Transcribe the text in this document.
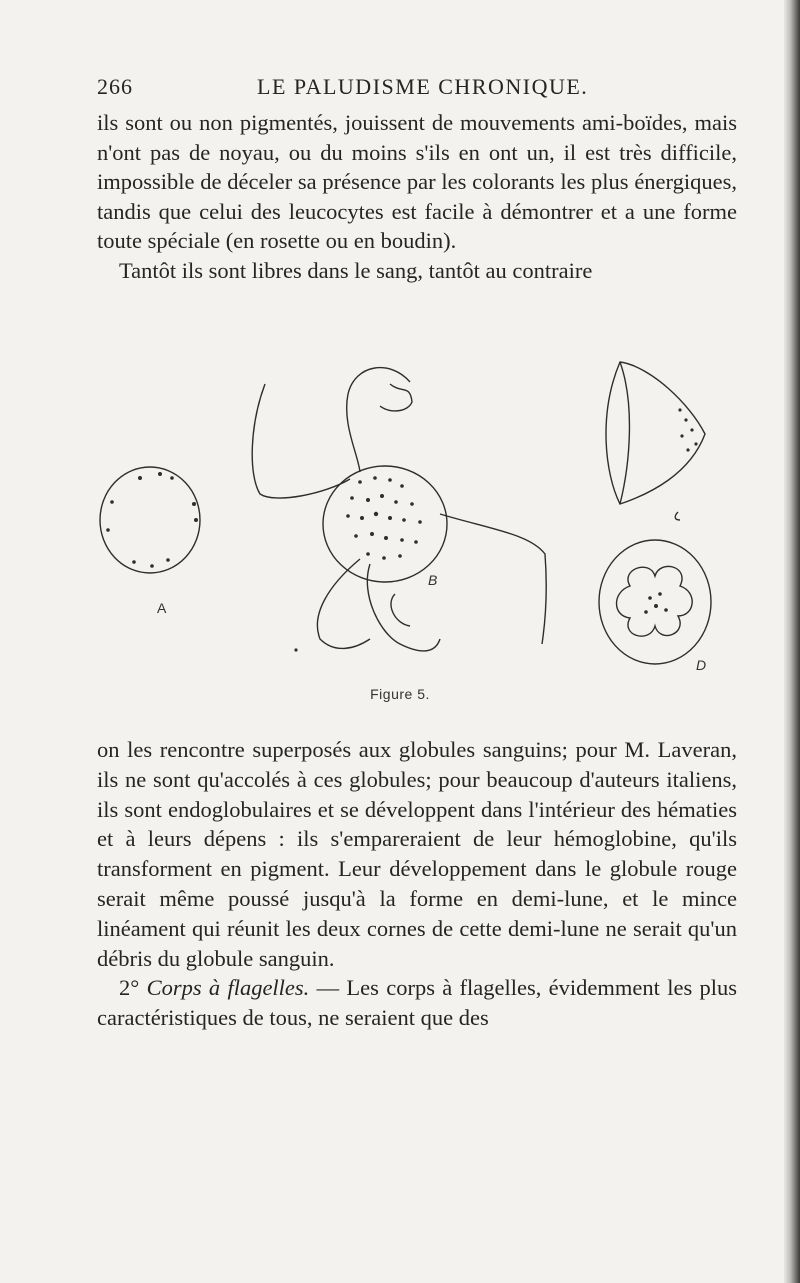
266	LE PALUDISME CHRONIQUE.

ils sont ou non pigmentés, jouissent de mouvements ami-boïdes, mais n'ont pas de noyau, ou du moins s'ils en ont un, il est très difficile, impossible de déceler sa présence par les colorants les plus énergiques, tandis que celui des leucocytes est facile à démontrer et a une forme toute spéciale (en rosette ou en boudin).

Tantôt ils sont libres dans le sang, tantôt au contraire

A
B
D
Figure 5.

on les rencontre superposés aux globules sanguins; pour M. Laveran, ils ne sont qu'accolés à ces globules; pour beaucoup d'auteurs italiens, ils sont endoglobulaires et se développent dans l'intérieur des hématies et à leurs dépens : ils s'empareraient de leur hémoglobine, qu'ils transforment en pigment. Leur développement dans le globule rouge serait même poussé jusqu'à la forme en demi-lune, et le mince linéament qui réunit les deux cornes de cette demi-lune ne serait qu'un débris du globule sanguin.

2° Corps à flagelles. — Les corps à flagelles, évidemment les plus caractéristiques de tous, ne seraient que des
